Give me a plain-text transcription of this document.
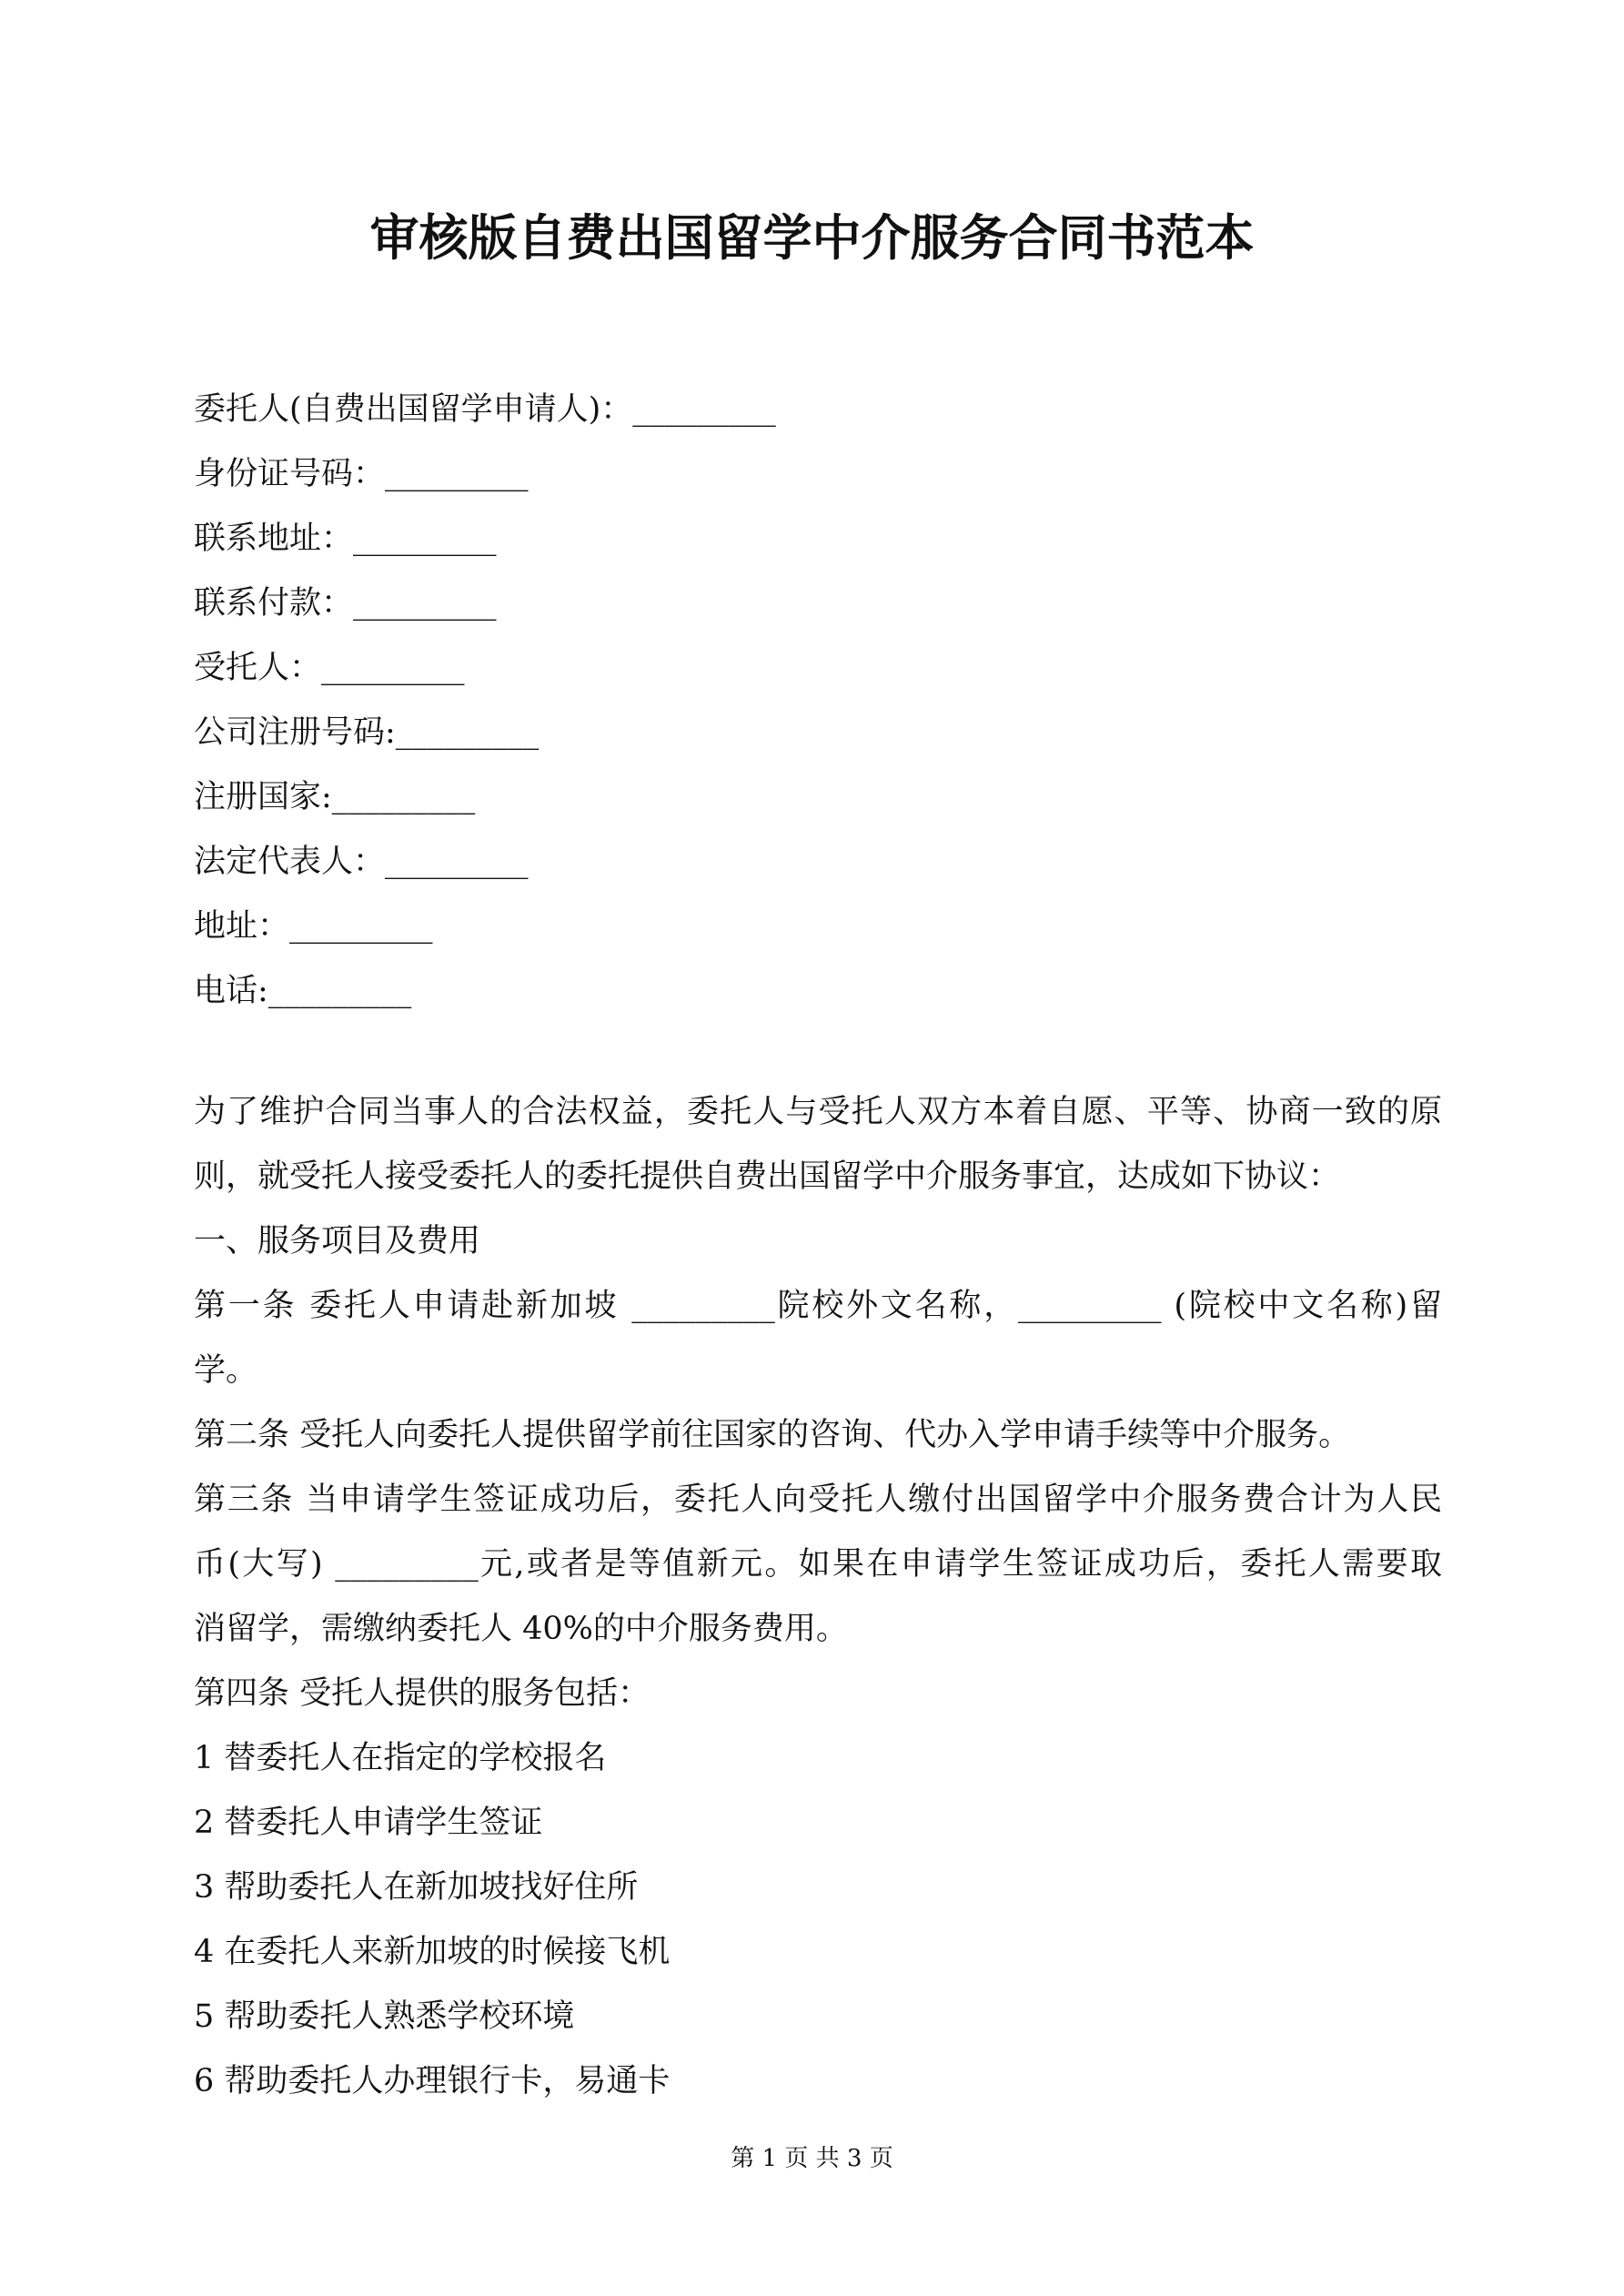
审核版自费出国留学中介服务合同书范本
委托人(自费出国留学申请人)：_________
身份证号码：_________
联系地址：_________
联系付款：_________
受托人：_________
公司注册号码:_________
注册国家:_________
法定代表人：_________
地址：_________
电话:_________
为了维护合同当事人的合法权益，委托人与受托人双方本着自愿、平等、协商一致的原
则，就受托人接受委托人的委托提供自费出国留学中介服务事宜，达成如下协议：
一、服务项目及费用
第一条 委托人申请赴新加坡 _________院校外文名称，_________ (院校中文名称)留
学。
第二条 受托人向委托人提供留学前往国家的咨询、代办入学申请手续等中介服务。
第三条 当申请学生签证成功后，委托人向受托人缴付出国留学中介服务费合计为人民
币(大写) _________元,或者是等值新元。如果在申请学生签证成功后，委托人需要取
消留学，需缴纳委托人 40%的中介服务费用。
第四条 受托人提供的服务包括：
1 替委托人在指定的学校报名
2 替委托人申请学生签证
3 帮助委托人在新加坡找好住所
4 在委托人来新加坡的时候接飞机
5 帮助委托人熟悉学校环境
6 帮助委托人办理银行卡，易通卡
第 1 页 共 3 页
